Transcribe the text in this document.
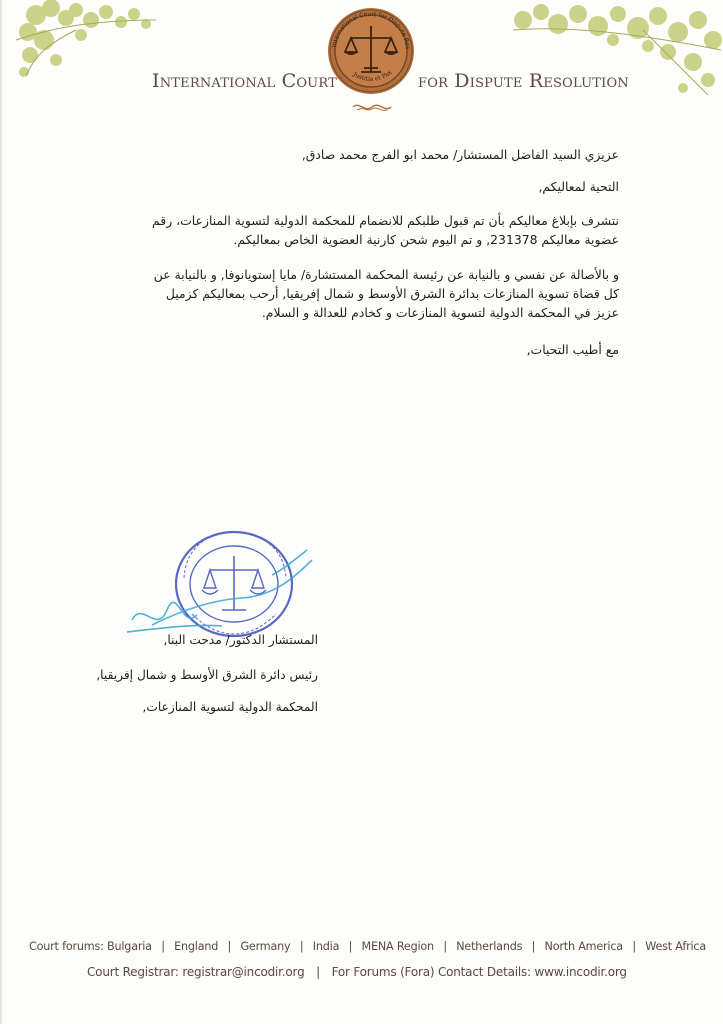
International Court for Dispute Res
Justitia et Pax
International Court	for Dispute Resolution
عزيزي السيد الفاضل المستشار/ محمد ابو الفرج محمد صادق,
التحية لمعاليكم,
نتشرف بإبلاغ معاليكم بأن تم قبول طلبكم للانضمام للمحكمة الدولية لتسوية المنازعات، رقم عضوية معاليكم 231378, و تم اليوم شحن كارنية العضوية الخاص بمعاليكم.
و بالأصالة عن نفسي و بالنيابة عن رئيسة المحكمة المستشارة/ مايا إستويانوفا, و بالنيابة عن كل قضاة تسوية المنازعات بدائرة الشرق الأوسط و شمال إفريقيا, أرحب بمعاليكم كزميل عزيز في المحكمة الدولية لتسوية المنازعات و كخادم للعدالة و السلام.
مع أطيب التحيات,
المستشار الدكتور/ مدحت البنا,
رئيس دائرة الشرق الأوسط و شمال إفريقيا,
المحكمة الدولية لتسوية المنازعات,
Court forums: Bulgaria | England | Germany | India | MENA Region | Netherlands | North America | West Africa
Court Registrar: registrar@incodir.org | For Forums (Fora) Contact Details: www.incodir.org
